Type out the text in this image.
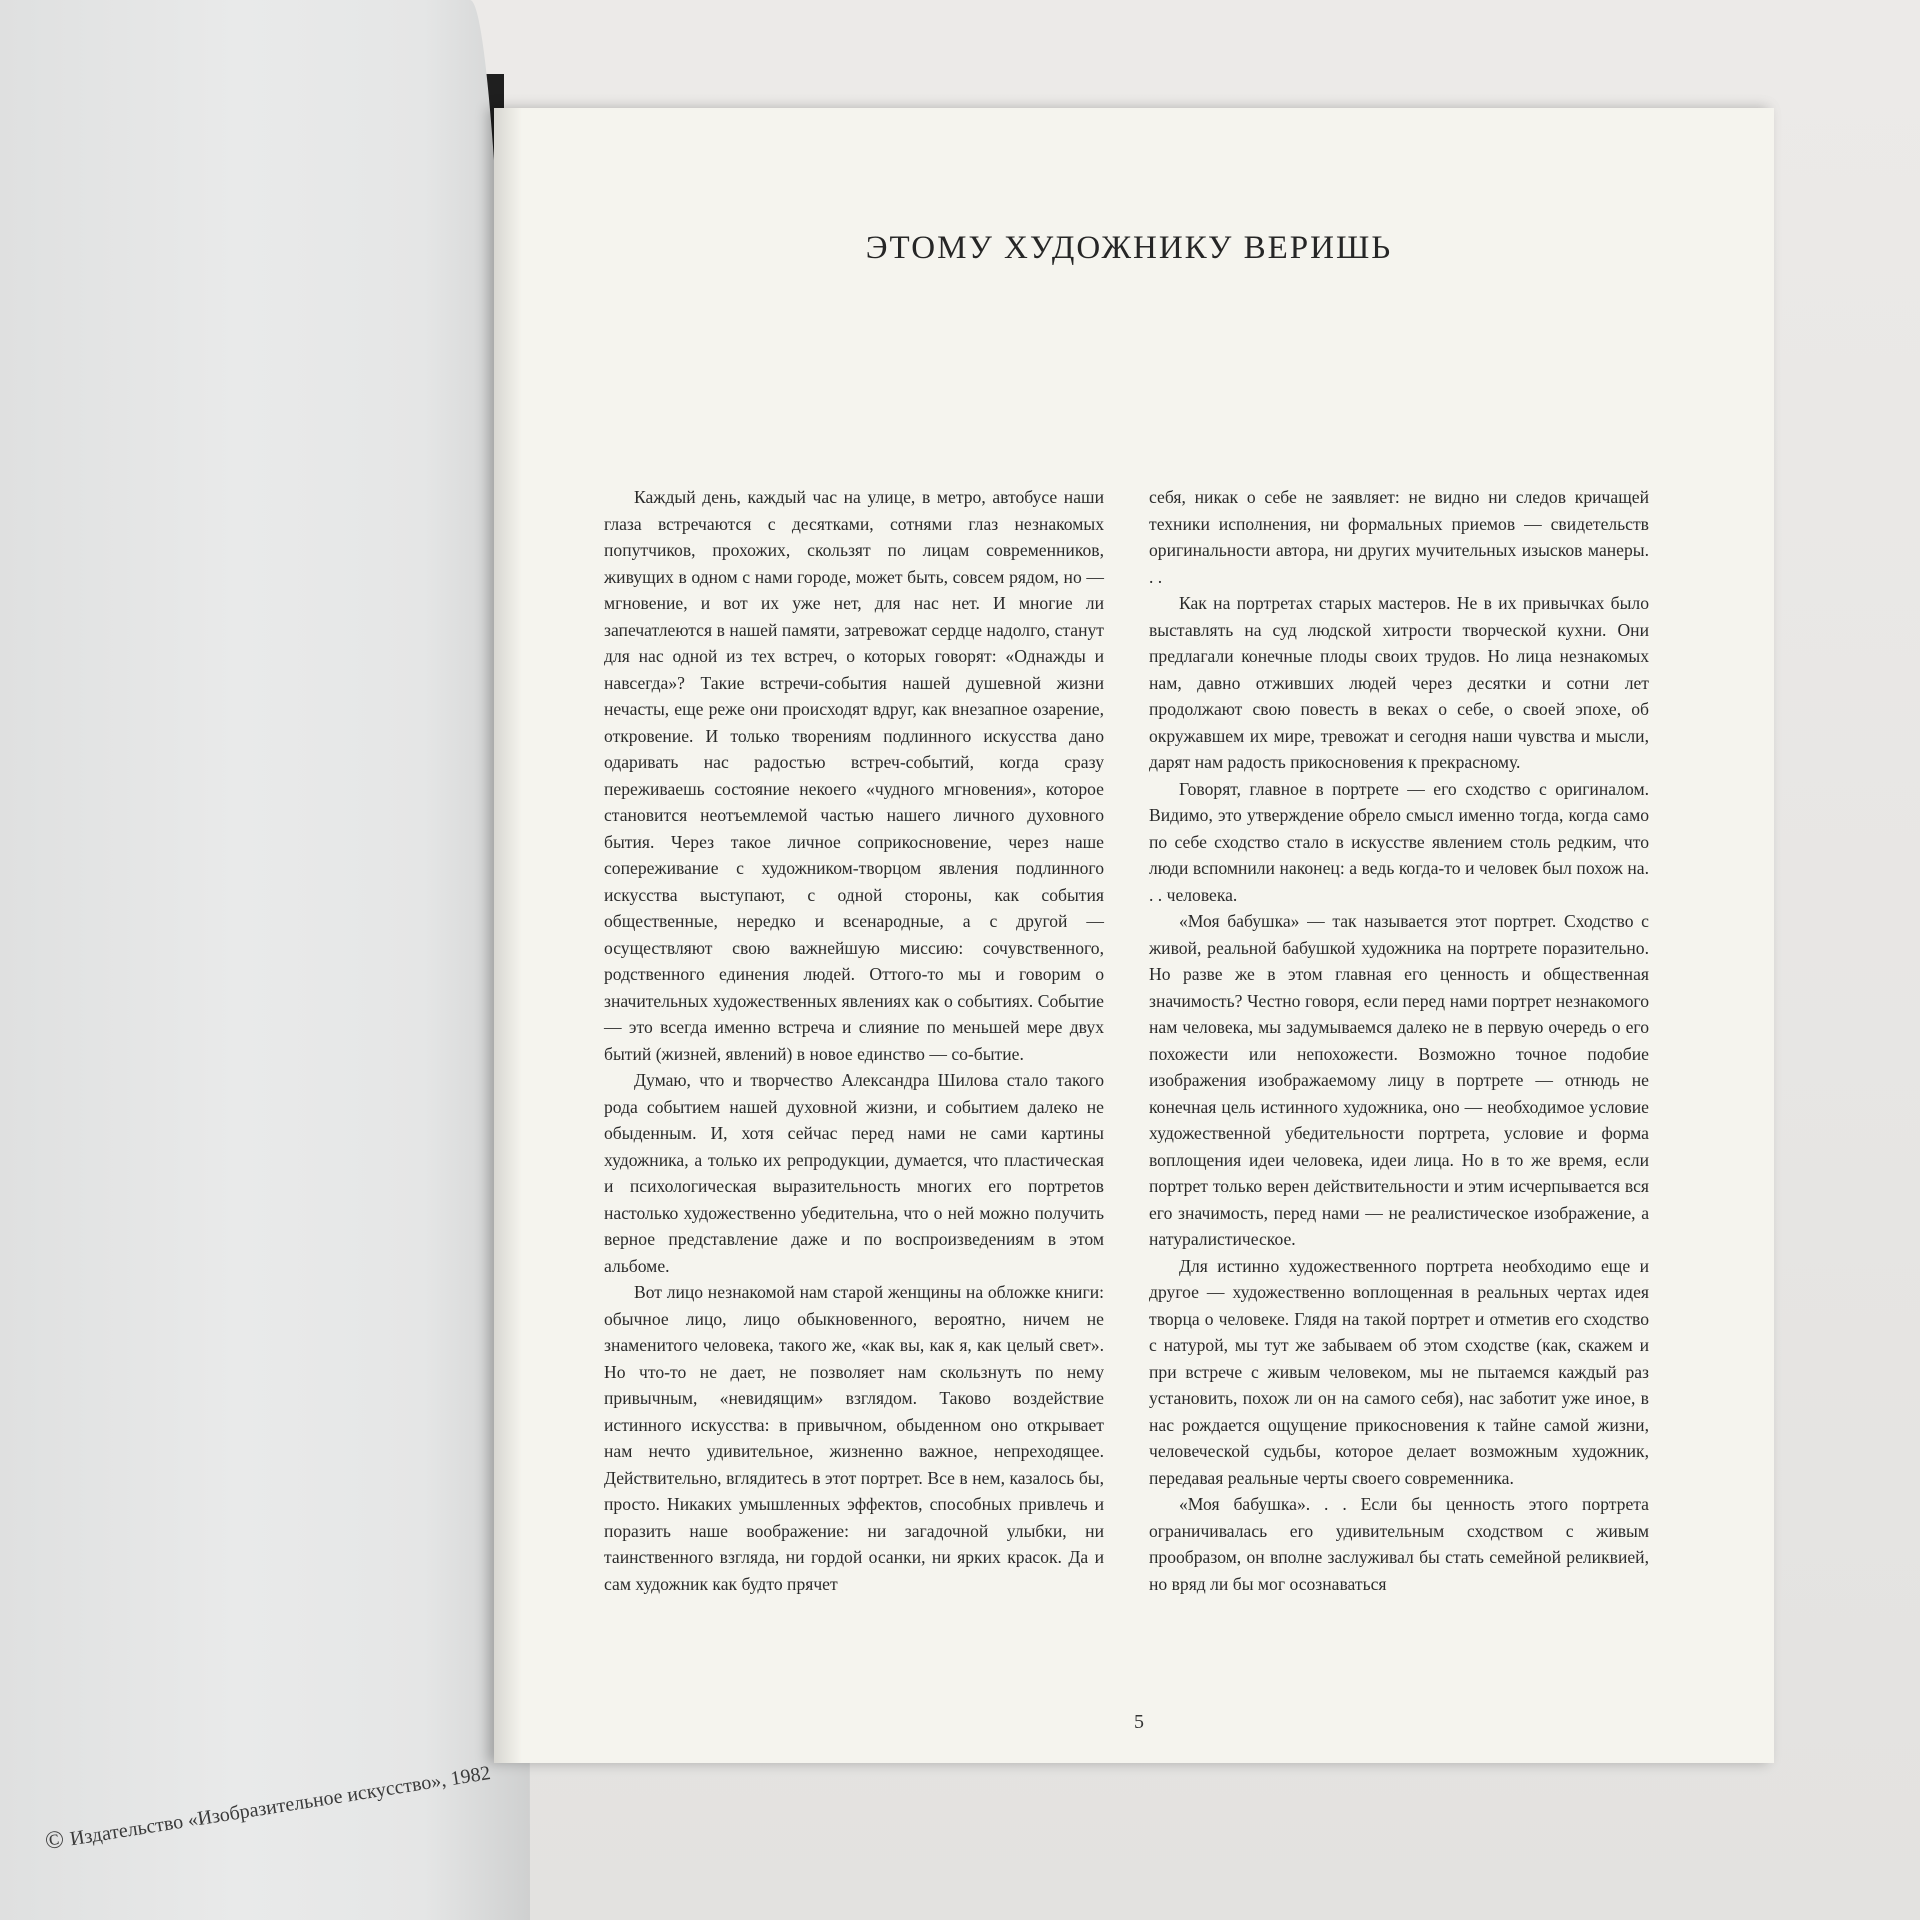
© Издательство «Изобразительное искусство», 1982
ЭТОМУ ХУДОЖНИКУ ВЕРИШЬ

Каждый день, каждый час на улице, в метро, автобусе наши глаза встречаются с десятками, сотнями глаз незнакомых попутчиков, прохожих, скользят по лицам современников, живущих в одном с нами городе, может быть, совсем рядом, но — мгновение, и вот их уже нет, для нас нет. И многие ли запечатлеются в нашей памяти, затревожат сердце надолго, станут для нас одной из тех встреч, о которых говорят: «Однажды и навсегда»? Такие встречи-события нашей душевной жизни нечасты, еще реже они происходят вдруг, как внезапное озарение, откровение. И только творениям подлинного искусства дано одаривать нас радостью встреч-событий, когда сразу переживаешь состояние некоего «чудного мгновения», которое становится неотъемлемой частью нашего личного духовного бытия. Через такое личное соприкосновение, через наше сопереживание с художником-творцом явления подлинного искусства выступают, с одной стороны, как события общественные, нередко и всенародные, а с другой — осуществляют свою важнейшую миссию: сочувственного, родственного единения людей. Оттого-то мы и говорим о значительных художественных явлениях как о событиях. Событие — это всегда именно встреча и слияние по меньшей мере двух бытий (жизней, явлений) в новое единство — со-бытие.

Думаю, что и творчество Александра Шилова стало такого рода событием нашей духовной жизни, и событием далеко не обыденным. И, хотя сейчас перед нами не сами картины художника, а только их репродукции, думается, что пластическая и психологическая выразительность многих его портретов настолько художественно убедительна, что о ней можно получить верное представление даже и по воспроизведениям в этом альбоме.

Вот лицо незнакомой нам старой женщины на обложке книги: обычное лицо, лицо обыкновенного, вероятно, ничем не знаменитого человека, такого же, «как вы, как я, как целый свет». Но что-то не дает, не позволяет нам скользнуть по нему привычным, «невидящим» взглядом. Таково воздействие истинного искусства: в привычном, обыденном оно открывает нам нечто удивительное, жизненно важное, непреходящее. Действительно, вглядитесь в этот портрет. Все в нем, казалось бы, просто. Никаких умышленных эффектов, способных привлечь и поразить наше воображение: ни загадочной улыбки, ни таинственного взгляда, ни гордой осанки, ни ярких красок. Да и сам художник как будто прячет

себя, никак о себе не заявляет: не видно ни следов кричащей техники исполнения, ни формальных приемов — свидетельств оригинальности автора, ни других мучительных изысков манеры. . .

Как на портретах старых мастеров. Не в их привычках было выставлять на суд людской хитрости творческой кухни. Они предлагали конечные плоды своих трудов. Но лица незнакомых нам, давно отживших людей через десятки и сотни лет продолжают свою повесть в веках о себе, о своей эпохе, об окружавшем их мире, тревожат и сегодня наши чувства и мысли, дарят нам радость прикосновения к прекрасному.

Говорят, главное в портрете — его сходство с оригиналом. Видимо, это утверждение обрело смысл именно тогда, когда само по себе сходство стало в искусстве явлением столь редким, что люди вспомнили наконец: а ведь когда-то и человек был похож на. . . человека.

«Моя бабушка» — так называется этот портрет. Сходство с живой, реальной бабушкой художника на портрете поразительно. Но разве же в этом главная его ценность и общественная значимость? Честно говоря, если перед нами портрет незнакомого нам человека, мы задумываемся далеко не в первую очередь о его похожести или непохожести. Возможно точное подобие изображения изображаемому лицу в портрете — отнюдь не конечная цель истинного художника, оно — необходимое условие художественной убедительности портрета, условие и форма воплощения идеи человека, идеи лица. Но в то же время, если портрет только верен действительности и этим исчерпывается вся его значимость, перед нами — не реалистическое изображение, а натуралистическое.

Для истинно художественного портрета необходимо еще и другое — художественно воплощенная в реальных чертах идея творца о человеке. Глядя на такой портрет и отметив его сходство с натурой, мы тут же забываем об этом сходстве (как, скажем и при встрече с живым человеком, мы не пытаемся каждый раз установить, похож ли он на самого себя), нас заботит уже иное, в нас рождается ощущение прикосновения к тайне самой жизни, человеческой судьбы, которое делает возможным художник, передавая реальные черты своего современника.

«Моя бабушка». . . Если бы ценность этого портрета ограничивалась его удивительным сходством с живым прообразом, он вполне заслуживал бы стать семейной реликвией, но вряд ли бы мог осознаваться

5
